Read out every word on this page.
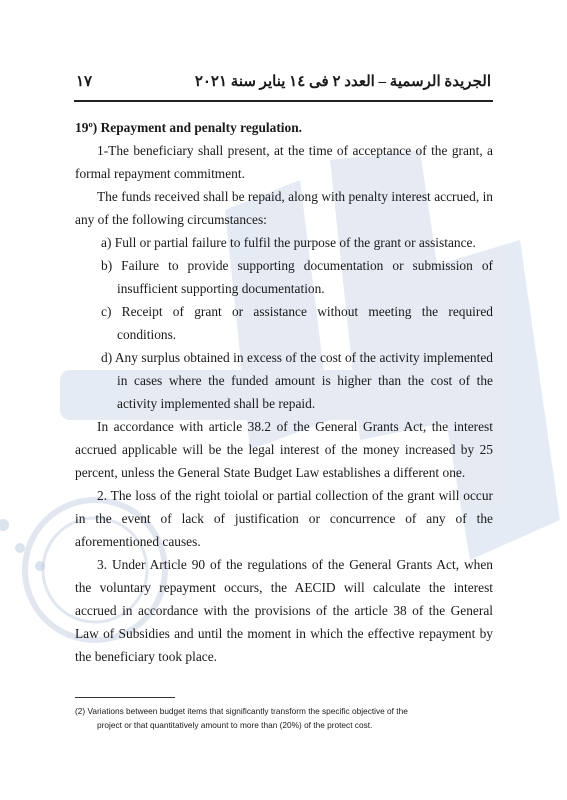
الجريدة الرسمية – العدد ٢ فى ١٤ يناير سنة ٢٠٢١
١٧

19º) Repayment and penalty regulation.

1-The beneficiary shall present, at the time of acceptance of the grant, a formal repayment commitment.

The funds received shall be repaid, along with penalty interest accrued, in any of the following circumstances:

a) Full or partial failure to fulfil the purpose of the grant or assistance.

b) Failure to provide supporting documentation or submission of insufficient supporting documentation.

c) Receipt of grant or assistance without meeting the required conditions.

d) Any surplus obtained in excess of the cost of the activity implemented in cases where the funded amount is higher than the cost of the activity implemented shall be repaid.

In accordance with article 38.2 of the General Grants Act, the interest accrued applicable will be the legal interest of the money increased by 25 percent, unless the General State Budget Law establishes a different one.

2. The loss of the right toiolal or partial collection of the grant will occur in the event of lack of justification or concurrence of any of the aforementioned causes.

3. Under Article 90 of the regulations of the General Grants Act, when the voluntary repayment occurs, the AECID will calculate the interest accrued in accordance with the provisions of the article 38 of the General Law of Subsidies and until the moment in which the effective repayment by the beneficiary took place.

(2) Variations between budget items that significantly transform the specific objective of the
project or that quantitatively amount to more than (20%) of the protect cost.
